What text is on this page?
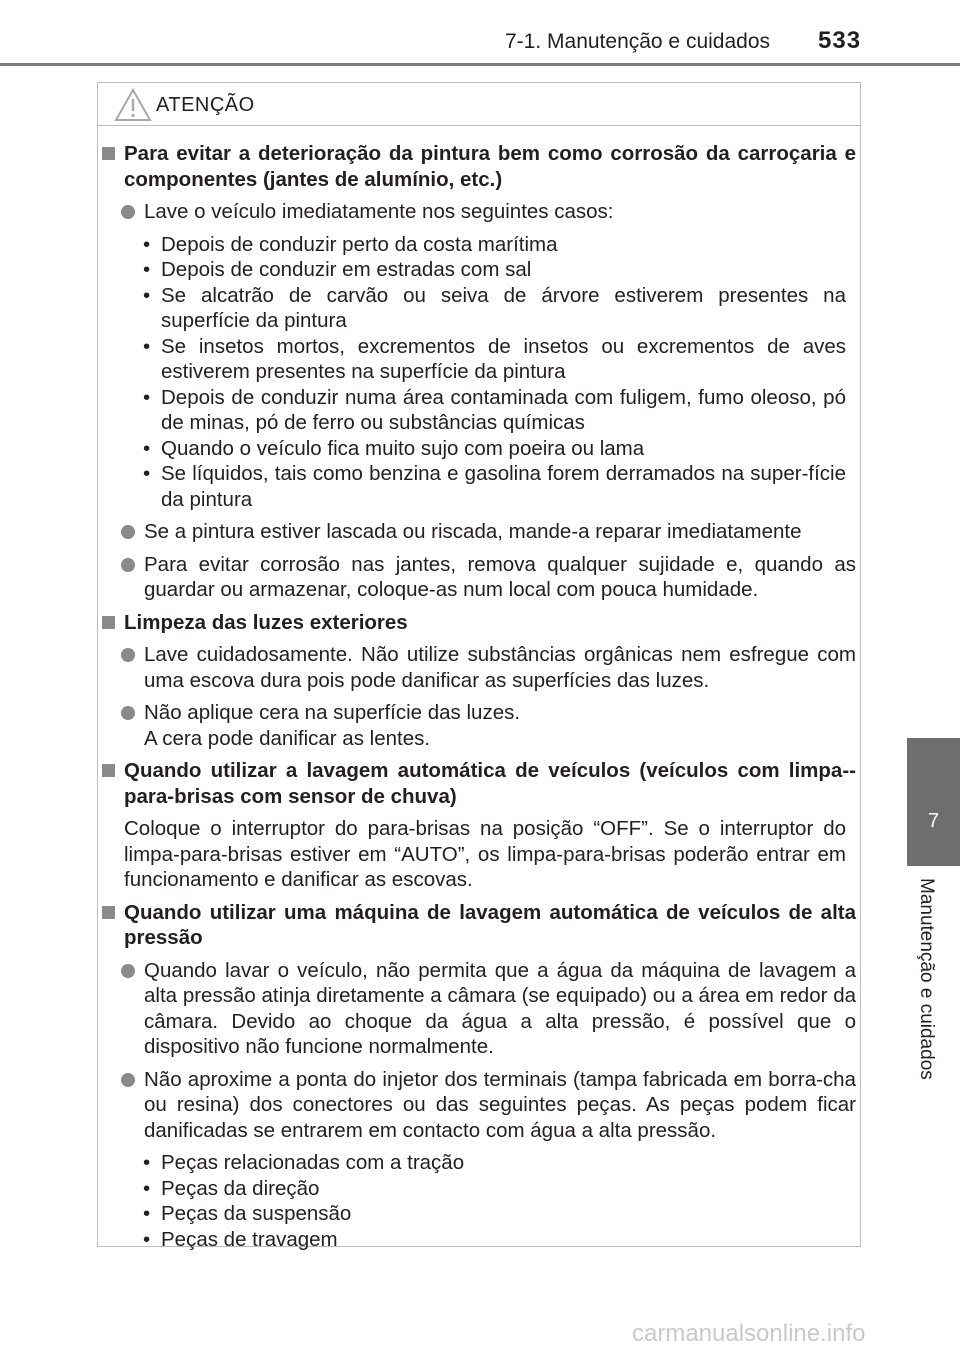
7-1. Manutenção e cuidados 533
7
Manutenção e cuidados
ATENÇÃO
Para evitar a deterioração da pintura bem como corrosão da carroçaria e componentes (jantes de alumínio, etc.)
Lave o veículo imediatamente nos seguintes casos:
• Depois de conduzir perto da costa marítima
• Depois de conduzir em estradas com sal
• Se alcatrão de carvão ou seiva de árvore estiverem presentes na superfície da pintura
• Se insetos mortos, excrementos de insetos ou excrementos de aves estiverem presentes na superfície da pintura
• Depois de conduzir numa área contaminada com fuligem, fumo oleoso, pó de minas, pó de ferro ou substâncias químicas
• Quando o veículo fica muito sujo com poeira ou lama
• Se líquidos, tais como benzina e gasolina forem derramados na super-fície da pintura
Se a pintura estiver lascada ou riscada, mande-a reparar imediatamente
Para evitar corrosão nas jantes, remova qualquer sujidade e, quando as guardar ou armazenar, coloque-as num local com pouca humidade.
Limpeza das luzes exteriores
Lave cuidadosamente. Não utilize substâncias orgânicas nem esfregue com uma escova dura pois pode danificar as superfícies das luzes.
Não aplique cera na superfície das luzes.
A cera pode danificar as lentes.
Quando utilizar a lavagem automática de veículos (veículos com limpa--para-brisas com sensor de chuva)
Coloque o interruptor do para-brisas na posição “OFF”. Se o interruptor do limpa-para-brisas estiver em “AUTO”, os limpa-para-brisas poderão entrar em funcionamento e danificar as escovas.
Quando utilizar uma máquina de lavagem automática de veículos de alta pressão
Quando lavar o veículo, não permita que a água da máquina de lavagem a alta pressão atinja diretamente a câmara (se equipado) ou a área em redor da câmara. Devido ao choque da água a alta pressão, é possível que o dispositivo não funcione normalmente.
Não aproxime a ponta do injetor dos terminais (tampa fabricada em borra-cha ou resina) dos conectores ou das seguintes peças. As peças podem ficar danificadas se entrarem em contacto com água a alta pressão.
• Peças relacionadas com a tração
• Peças da direção
• Peças da suspensão
• Peças de travagem
carmanualsonline.info
